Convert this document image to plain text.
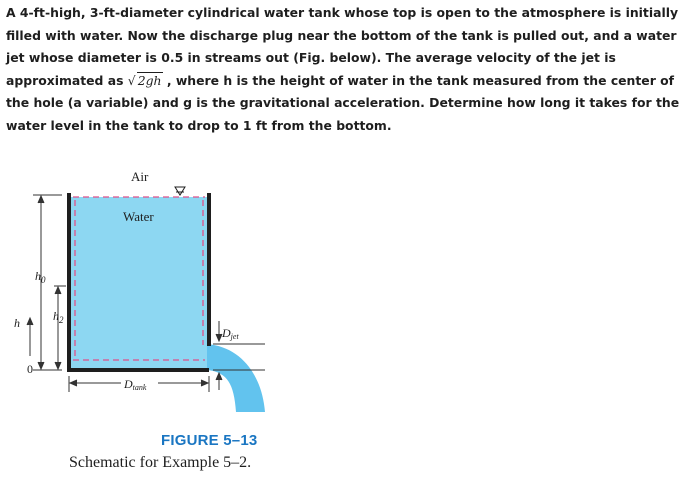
A 4-ft-high, 3-ft-diameter cylindrical water tank whose top is open to the atmosphere is initially filled with water. Now the discharge plug near the bottom of the tank is pulled out, and a water jet whose diameter is 0.5 in streams out (Fig. below). The average velocity of the jet is approximated as √ 2gh , where h is the height of water in the tank measured from the center of the hole (a variable) and g is the gravitational acceleration. Determine how long it takes for the water level in the tank to drop to 1 ft from the bottom.
Air
Water
$h_0$
$h_2$
h
0
Dtank
Djet
FIGURE 5–13
Schematic for Example 5–2.
